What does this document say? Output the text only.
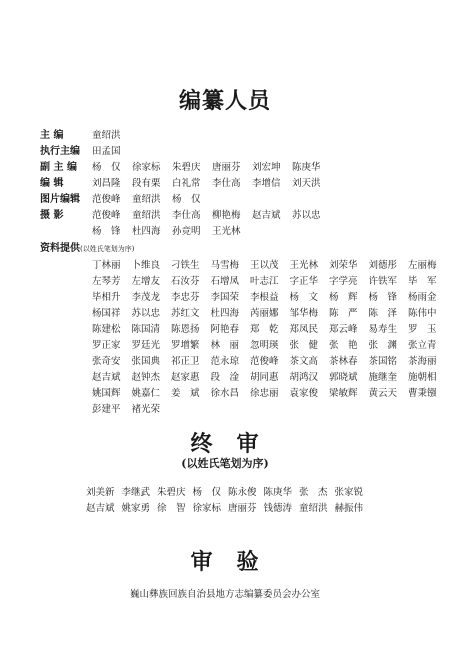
编纂人员
主 编	童绍洪
执行主编 田孟国
副 主 编 杨　仅 徐家标 朱碧庆 唐丽芬 刘宏坤 陈庚华
编 辑	刘昌隆 段有栗 白礼常 李仕高 李增信 刘天洪
图片编辑 范俊峰 童绍洪 杨　仅
摄 影	范俊峰 童绍洪 李仕高 柳艳梅 赵吉斌 苏以忠
杨　锋 杜四海 孙竞明 王光林
资料提供(以姓氏笔划为序)
丁林丽 卜维良 刁铁生 马雪梅 王以茂 王光林 刘荣华 刘德彤 左丽梅
左琴芳 左增友 石汝芬 石增凤 叶志江 字正华 字学亮 许铁军 毕　军
毕相升 李茂龙 李忠芬 李国荣 李根益 杨　文 杨　辉 杨　锋 杨雨金
杨国祥 苏以忠 苏红文 杜四海 芮丽娜 邹华梅 陈　严 陈　泽 陈伟中
陈建松 陈国清 陈恩扬 阿艳春 郑　乾 郑凤民 郑云峰 易寿生 罗　玉
罗正家 罗廷光 罗增繁 林　丽 忽明瑛 张　健 张　艳 张　渊 张立青
张奇安 张国典 祁正卫 范永琼 范俊峰 茶文高 茶林春 茶国铭 茶海丽
赵吉斌 赵钟杰 赵家惠 段　淦 胡同惠 胡鸿汉 郭晓斌 施继奎 施朝相
姚国辉 姚嘉仁 姜　斌 徐水昌 徐忠丽 袁家俊 梁敏辉 黄云天 曹秉镪
彭建平 褚光荣
终　审
(以姓氏笔划为序)
刘美新 李继武 朱碧庆 杨　仅 陈永俊 陈庚华 张　杰 张家锐
赵吉斌 姚家勇 徐　智 徐家标 唐丽芬 钱德涛 童绍洪 赫振伟
审　验
巍山彝族回族自治县地方志编纂委员会办公室
